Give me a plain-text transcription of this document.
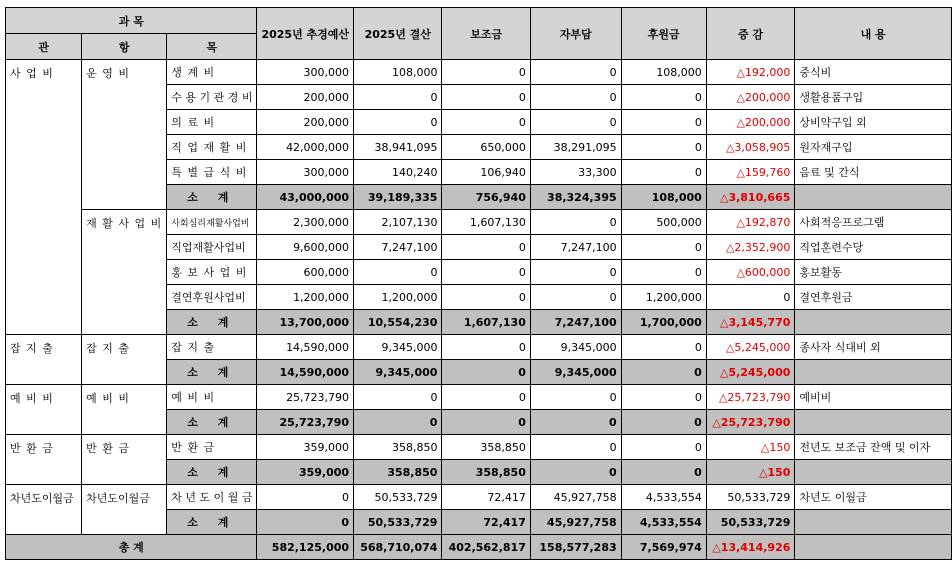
과 목			2025년 추경예산	2025년 결산	보조금	자부담	후원금	증 감	내 용
관	항	목							
사 업 비	운 영 비	생 계 비	300,000	108,000	0	0	108,000	△192,000	중식비
		수 용 기 관 경 비	200,000	0	0	0	0	△200,000	생활용품구입
		의 료 비	200,000	0	0	0	0	△200,000	상비약구입 외
		직 업 재 활 비	42,000,000	38,941,095	650,000	38,291,095	0	△3,058,905	원자재구입
		특 별 급 식 비	300,000	140,240	106,940	33,300	0	△159,760	음료 및 간식
		소 계	43,000,000	39,189,335	756,940	38,324,395	108,000	△3,810,665	
	재 활 사 업 비	사회심리재활사업비	2,300,000	2,107,130	1,607,130	0	500,000	△192,870	사회적응프로그램
		직업재활사업비	9,600,000	7,247,100	0	7,247,100	0	△2,352,900	직업훈련수당
		홍 보 사 업 비	600,000	0	0	0	0	△600,000	홍보활동
		결연후원사업비	1,200,000	1,200,000	0	0	1,200,000	0	결연후원금
		소 계	13,700,000	10,554,230	1,607,130	7,247,100	1,700,000	△3,145,770	
잡 지 출	잡 지 출	잡 지 출	14,590,000	9,345,000	0	9,345,000	0	△5,245,000	종사자 식대비 외
		소 계	14,590,000	9,345,000	0	9,345,000	0	△5,245,000	
예 비 비	예 비 비	예 비 비	25,723,790	0	0	0	0	△25,723,790	예비비
		소 계	25,723,790	0	0	0	0	△25,723,790	
반 환 금	반 환 금	반 환 금	359,000	358,850	358,850	0	0	△150	전년도 보조금 잔액 및 이자
		소 계	359,000	358,850	358,850	0	0	△150	
차년도이월금	차년도이월금	차 년 도 이 월 금	0	50,533,729	72,417	45,927,758	4,533,554	50,533,729	차년도 이월금
		소 계	0	50,533,729	72,417	45,927,758	4,533,554	50,533,729	
총 계			582,125,000	568,710,074	402,562,817	158,577,283	7,569,974	△13,414,926	
